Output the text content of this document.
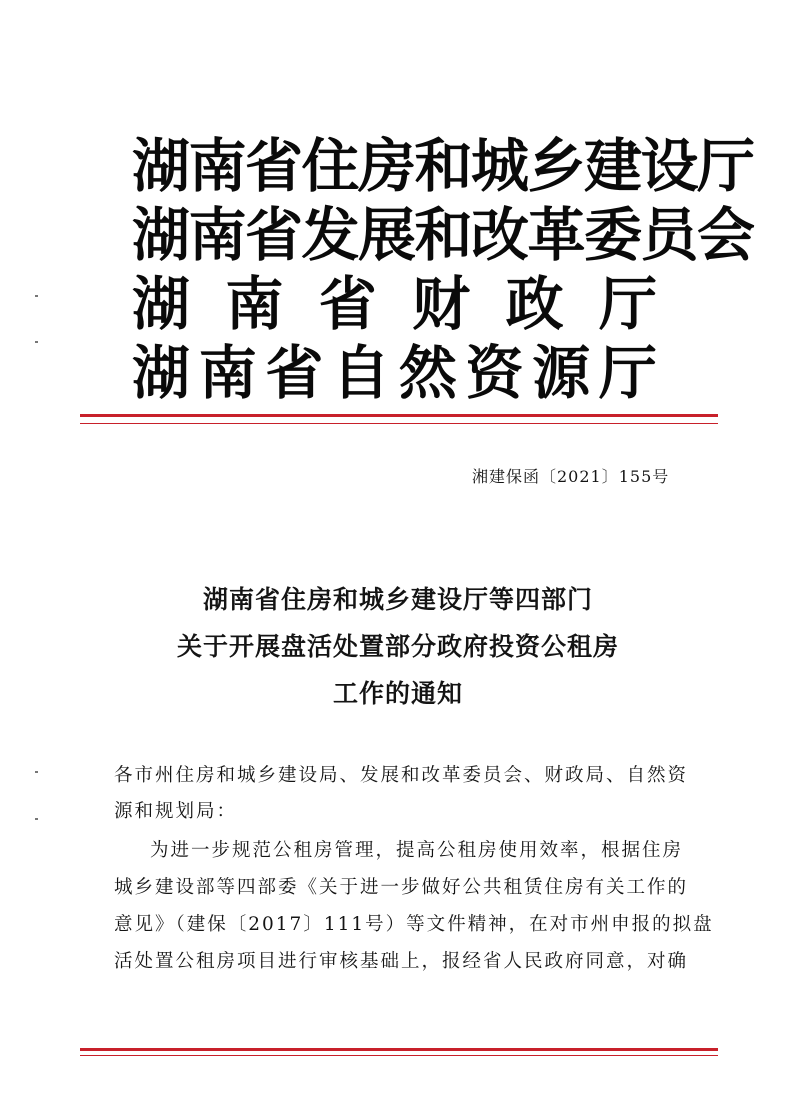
湖南省住房和城乡建设厅
湖南省发展和改革委员会
湖 南 省 财 政 厅
湖 南 省 自 然 资 源 厅
湘建保函〔2021〕155号
湖南省住房和城乡建设厅等四部门
关于开展盘活处置部分政府投资公租房
工作的通知
各市州住房和城乡建设局、发展和改革委员会、财政局、自然资
源和规划局：
为进一步规范公租房管理，提高公租房使用效率，根据住房
城乡建设部等四部委《关于进一步做好公共租赁住房有关工作的
意见》（建保〔2017〕111号）等文件精神，在对市州申报的拟盘
活处置公租房项目进行审核基础上，报经省人民政府同意，对确
